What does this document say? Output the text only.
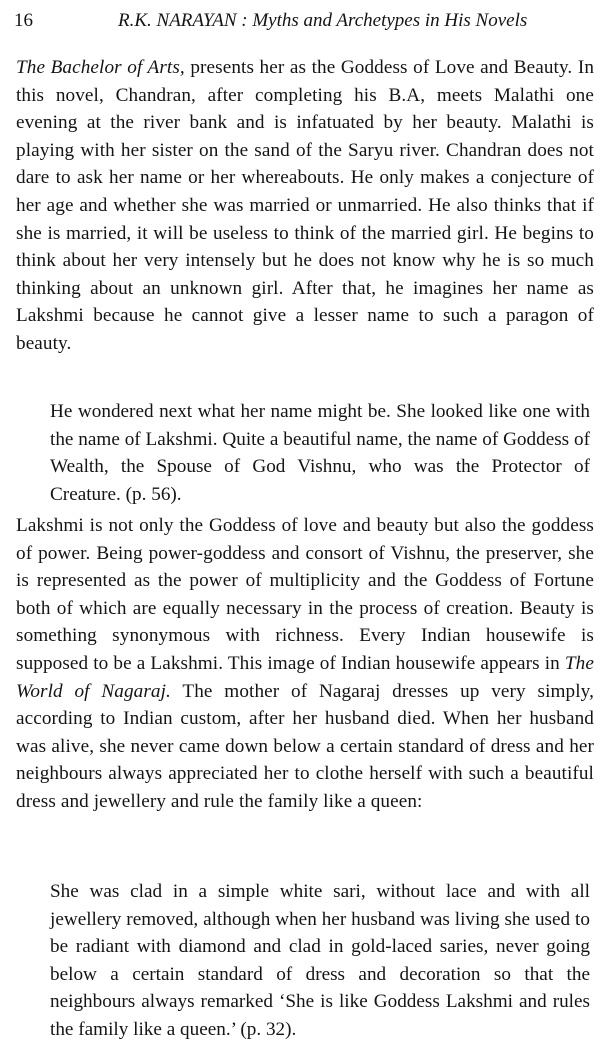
16	R.K. NARAYAN : Myths and Archetypes in His Novels

The Bachelor of Arts, presents her as the Goddess of Love and Beauty. In this novel, Chandran, after completing his B.A, meets Malathi one evening at the river bank and is infatuated by her beauty. Malathi is playing with her sister on the sand of the Saryu river. Chandran does not dare to ask her name or her whereabouts. He only makes a conjecture of her age and whether she was married or unmarried. He also thinks that if she is married, it will be useless to think of the married girl. He begins to think about her very intensely but he does not know why he is so much thinking about an unknown girl. After that, he imagines her name as Lakshmi because he cannot give a lesser name to such a paragon of beauty.

He wondered next what her name might be. She looked like one with the name of Lakshmi. Quite a beautiful name, the name of Goddess of Wealth, the Spouse of God Vishnu, who was the Protector of Creature. (p. 56).

Lakshmi is not only the Goddess of love and beauty but also the goddess of power. Being power-goddess and consort of Vishnu, the preserver, she is represented as the power of multiplicity and the Goddess of Fortune both of which are equally necessary in the process of creation. Beauty is something synonymous with richness. Every Indian housewife is supposed to be a Lakshmi. This image of Indian housewife appears in The World of Nagaraj. The mother of Nagaraj dresses up very simply, according to Indian custom, after her husband died. When her husband was alive, she never came down below a certain standard of dress and her neighbours always appreciated her to clothe herself with such a beautiful dress and jewellery and rule the family like a queen:

She was clad in a simple white sari, without lace and with all jewellery removed, although when her husband was living she used to be radiant with diamond and clad in gold-laced saries, never going below a certain standard of dress and decoration so that the neighbours always remarked ‘She is like Goddess Lakshmi and rules the family like a queen.’ (p. 32).
